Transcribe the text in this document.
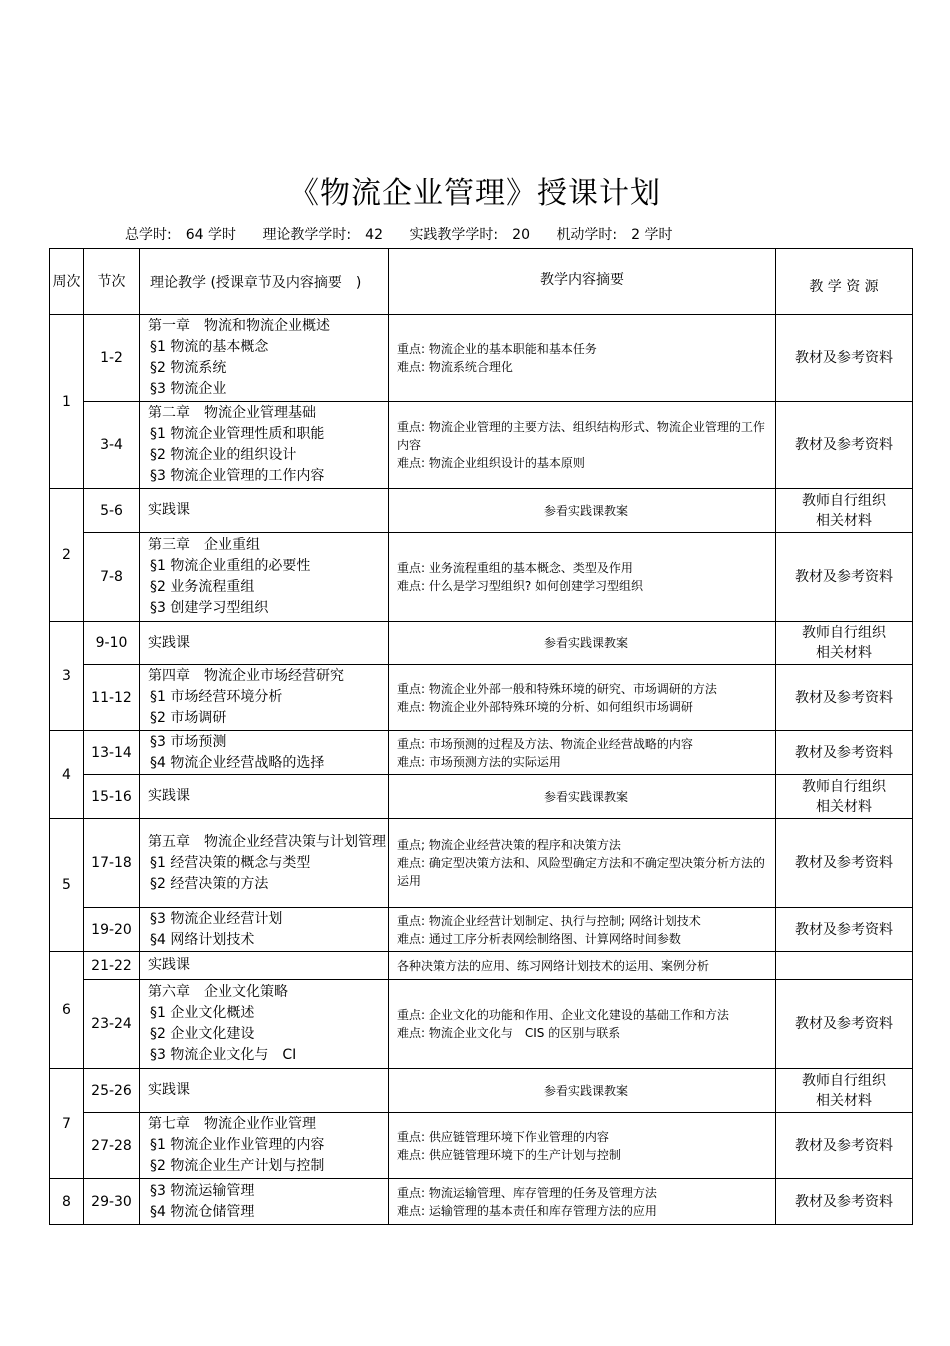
《物流企业管理》授课计划
总学时: 64 学时 理论教学学时: 42 实践教学学时: 20 机动学时: 2 学时
周次	节次	理论教学 (授课章节及内容摘要　)	教学内容摘要	教 学 资 源
1	1-2	第一章　物流和物流企业概述
§1 物流的基本概念
§2 物流系统
§3 物流企业	重点: 物流企业的基本职能和基本任务
难点: 物流系统合理化	教材及参考资料

	3-4	第二章　物流企业管理基础
§1 物流企业管理性质和职能
§2 物流企业的组织设计
§3 物流企业管理的工作内容	重点: 物流企业管理的主要方法、组织结构形式、物流企业管理的工作内容
难点: 物流企业组织设计的基本原则	教材及参考资料

2	5-6	实践课	参看实践课教案	教师自行组织相关材料

	7-8	第三章　企业重组
§1 物流企业重组的必要性
§2 业务流程重组
§3 创建学习型组织	重点: 业务流程重组的基本概念、类型及作用
难点: 什么是学习型组织? 如何创建学习型组织	教材及参考资料

3	9-10	实践课	参看实践课教案	教师自行组织相关材料

	11-12	第四章　物流企业市场经营研究
§1 市场经营环境分析
§2 市场调研	重点: 物流企业外部一般和特殊环境的研究、市场调研的方法
难点: 物流企业外部特殊环境的分析、如何组织市场调研	教材及参考资料

4	13-14	§3 市场预测
§4 物流企业经营战略的选择	重点: 市场预测的过程及方法、物流企业经营战略的内容
难点: 市场预测方法的实际运用	教材及参考资料

	15-16	实践课	参看实践课教案	教师自行组织相关材料

5	17-18	第五章　物流企业经营决策与计划管理
§1 经营决策的概念与类型
§2 经营决策的方法	重点; 物流企业经营决策的程序和决策方法
难点: 确定型决策方法和、风险型确定方法和不确定型决策分析方法的运用	教材及参考资料

	19-20	§3 物流企业经营计划
§4 网络计划技术	重点: 物流企业经营计划制定、执行与控制; 网络计划技术
难点: 通过工序分析表网绘制络图、计算网络时间参数	教材及参考资料

6	21-22	实践课	各种决策方法的应用、练习网络计划技术的运用、案例分析	

	23-24	第六章　企业文化策略
§1 企业文化概述
§2 企业文化建设
§3 物流企业文化与　CI	重点: 企业文化的功能和作用、企业文化建设的基础工作和方法
难点: 物流企业文化与　CIS 的区别与联系	教材及参考资料

7	25-26	实践课	参看实践课教案	教师自行组织相关材料

	27-28	第七章　物流企业作业管理
§1 物流企业作业管理的内容
§2 物流企业生产计划与控制	重点: 供应链管理环境下作业管理的内容
难点: 供应链管理环境下的生产计划与控制	教材及参考资料

8	29-30	§3 物流运输管理
§4 物流仓储管理	重点: 物流运输管理、库存管理的任务及管理方法
难点: 运输管理的基本责任和库存管理方法的应用	教材及参考资料
